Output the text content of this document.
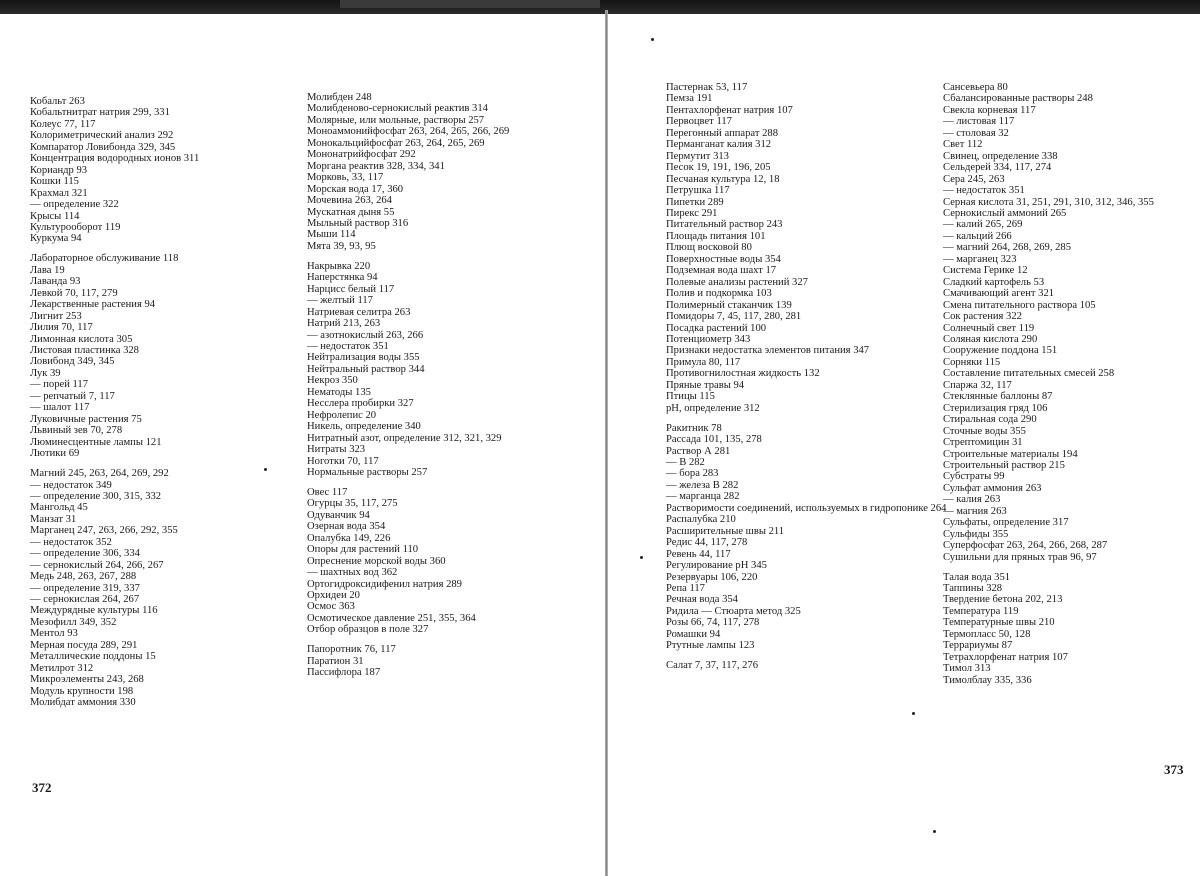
Кобальт 263
Кобальтнитрат натрия 299, 331
Колеус 77, 117
Колориметрический анализ 292
Компаратор Ловибонда 329, 345
Концентрация водородных ионов 311
Кориандр 93
Кошки 115
Крахмал 321
— определение 322
Крысы 114
Культурооборот 119
Куркума 94
Лабораторное обслуживание 118
Лава 19
Лаванда 93
Левкой 70, 117, 279
Лекарственные растения 94
Лигнит 253
Лилия 70, 117
Лимонная кислота 305
Листовая пластинка 328
Ловибонд 349, 345
Лук 39
— порей 117
— репчатый 7, 117
— шалот 117
Луковичные растения 75
Львиный зев 70, 278
Люминесцентные лампы 121
Лютики 69
Магний 245, 263, 264, 269, 292
— недостаток 349
— определение 300, 315, 332
Мангольд 45
Манзат 31
Марганец 247, 263, 266, 292, 355
— недостаток 352
— определение 306, 334
— сернокислый 264, 266, 267
Медь 248, 263, 267, 288
— определение 319, 337
— сернокислая 264, 267
Междурядные культуры 116
Мезофилл 349, 352
Ментол 93
Мерная посуда 289, 291
Металлические поддоны 15
Метилрот 312
Микроэлементы 243, 268
Модуль крупности 198
Молибдат аммония 330
Молибден 248
Молибденово-сернокислый реактив 314
Молярные, или мольные, растворы 257
Моноаммонийфосфат 263, 264, 265, 266, 269
Монокальцийфосфат 263, 264, 265, 269
Мононатрийфосфат 292
Моргана реактив 328, 334, 341
Морковь, 33, 117
Морская вода 17, 360
Мочевина 263, 264
Мускатная дыня 55
Мыльный раствор 316
Мыши 114
Мята 39, 93, 95
Накрывка 220
Наперстянка 94
Нарцисс белый 117
— желтый 117
Натриевая селитра 263
Натрий 213, 263
— азотнокислый 263, 266
— недостаток 351
Нейтрализация воды 355
Нейтральный раствор 344
Некроз 350
Нематоды 135
Несслера пробирки 327
Нефролепис 20
Никель, определение 340
Нитратный азот, определение 312, 321, 329
Нитраты 323
Ноготки 70, 117
Нормальные растворы 257
Овес 117
Огурцы 35, 117, 275
Одуванчик 94
Озерная вода 354
Опалубка 149, 226
Опоры для растений 110
Опреснение морской воды 360
— шахтных вод 362
Ортогидроксидифенил натрия 289
Орхидеи 20
Осмос 363
Осмотическое давление 251, 355, 364
Отбор образцов в поле 327
Папоротник 76, 117
Паратион 31
Пассифлора 187
372
Пастернак 53, 117
Пемза 191
Пентахлорфенат натрия 107
Первоцвет 117
Перегонный аппарат 288
Перманганат калия 312
Пермутит 313
Песок 19, 191, 196, 205
Песчаная культура 12, 18
Петрушка 117
Пипетки 289
Пирекс 291
Питательный раствор 243
Площадь питания 101
Плющ восковой 80
Поверхностные воды 354
Подземная вода шахт 17
Полевые анализы растений 327
Полив и подкормка 103
Полимерный стаканчик 139
Помидоры 7, 45, 117, 280, 281
Посадка растений 100
Потенциометр 343
Признаки недостатка элементов питания 347
Примула 80, 117
Противогнилостная жидкость 132
Пряные травы 94
Птицы 115
pH, определение 312
Ракитник 78
Рассада 101, 135, 278
Раствор А 281
— В 282
— бора 283
— железа В 282
— марганца 282
Растворимости соединений, используемых в гидропонике 264
Распалубка 210
Расширительные швы 211
Редис 44, 117, 278
Ревень 44, 117
Регулирование pH 345
Резервуары 106, 220
Репа 117
Речная вода 354
Ридила — Стюарта метод 325
Розы 66, 74, 117, 278
Ромашки 94
Ртутные лампы 123
Салат 7, 37, 117, 276
Сансевьера 80
Сбалансированные растворы 248
Свекла корневая 117
— листовая 117
— столовая 32
Свет 112
Свинец, определение 338
Сельдерей 334, 117, 274
Сера 245, 263
— недостаток 351
Серная кислота 31, 251, 291, 310, 312, 346, 355
Сернокислый аммоний 265
— калий 265, 269
— кальций 266
— магний 264, 268, 269, 285
— марганец 323
Система Герике 12
Сладкий картофель 53
Смачивающий агент 321
Смена питательного раствора 105
Сок растения 322
Солнечный свет 119
Соляная кислота 290
Сооружение поддона 151
Сорняки 115
Составление питательных смесей 258
Спаржа 32, 117
Стеклянные баллоны 87
Стерилизация гряд 106
Стиральная сода 290
Сточные воды 355
Стрептомицин 31
Строительные материалы 194
Строительный раствор 215
Субстраты 99
Сульфат аммония 263
— калия 263
— магния 263
Сульфаты, определение 317
Сульфиды 355
Суперфосфат 263, 264, 266, 268, 287
Сушильни для пряных трав 96, 97
Талая вода 351
Таппины 328
Твердение бетона 202, 213
Температура 119
Температурные швы 210
Термопласс 50, 128
Террариумы 87
Тетрахлорфенат натрия 107
Тимол 313
Тимолблау 335, 336
373
